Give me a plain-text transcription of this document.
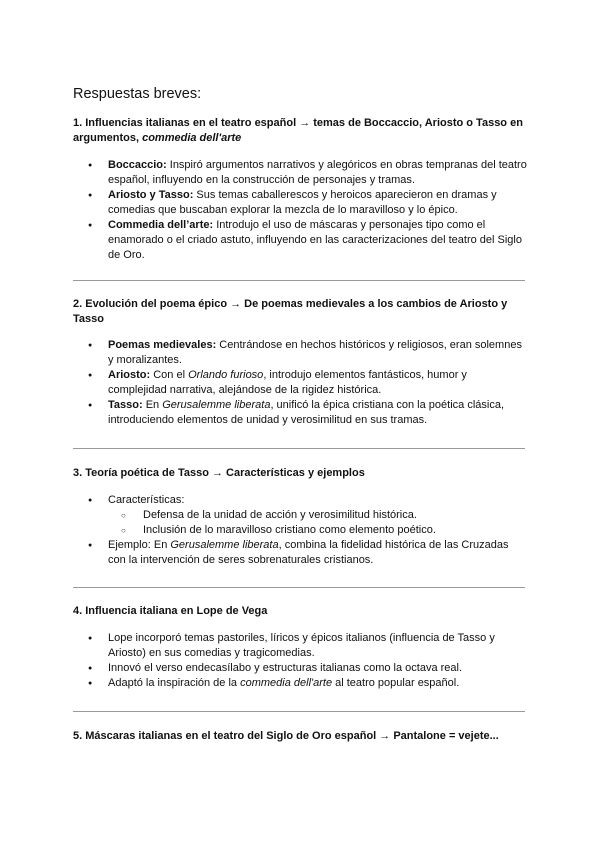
Respuestas breves:
1. Influencias italianas en el teatro español → temas de Boccaccio, Ariosto o Tasso en argumentos, commedia dell'arte
● Boccaccio: Inspiró argumentos narrativos y alegóricos en obras tempranas del teatro español, influyendo en la construcción de personajes y tramas.
● Ariosto y Tasso: Sus temas caballerescos y heroicos aparecieron en dramas y comedias que buscaban explorar la mezcla de lo maravilloso y lo épico.
● Commedia dell’arte: Introdujo el uso de máscaras y personajes tipo como el enamorado o el criado astuto, influyendo en las caracterizaciones del teatro del Siglo de Oro.
2. Evolución del poema épico → De poemas medievales a los cambios de Ariosto y Tasso
● Poemas medievales: Centrándose en hechos históricos y religiosos, eran solemnes y moralizantes.
● Ariosto: Con el Orlando furioso, introdujo elementos fantásticos, humor y complejidad narrativa, alejándose de la rigidez histórica.
● Tasso: En Gerusalemme liberata, unificó la épica cristiana con la poética clásica, introduciendo elementos de unidad y verosimilitud en sus tramas.
3. Teoría poética de Tasso → Características y ejemplos
● Características:
○ Defensa de la unidad de acción y verosimilitud histórica.
○ Inclusión de lo maravilloso cristiano como elemento poético.
● Ejemplo: En Gerusalemme liberata, combina la fidelidad histórica de las Cruzadas con la intervención de seres sobrenaturales cristianos.
4. Influencia italiana en Lope de Vega
● Lope incorporó temas pastoriles, líricos y épicos italianos (influencia de Tasso y Ariosto) en sus comedias y tragicomedias.
● Innovó el verso endecasílabo y estructuras italianas como la octava real.
● Adaptó la inspiración de la commedia dell'arte al teatro popular español.
5. Máscaras italianas en el teatro del Siglo de Oro español → Pantalone = vejete...
